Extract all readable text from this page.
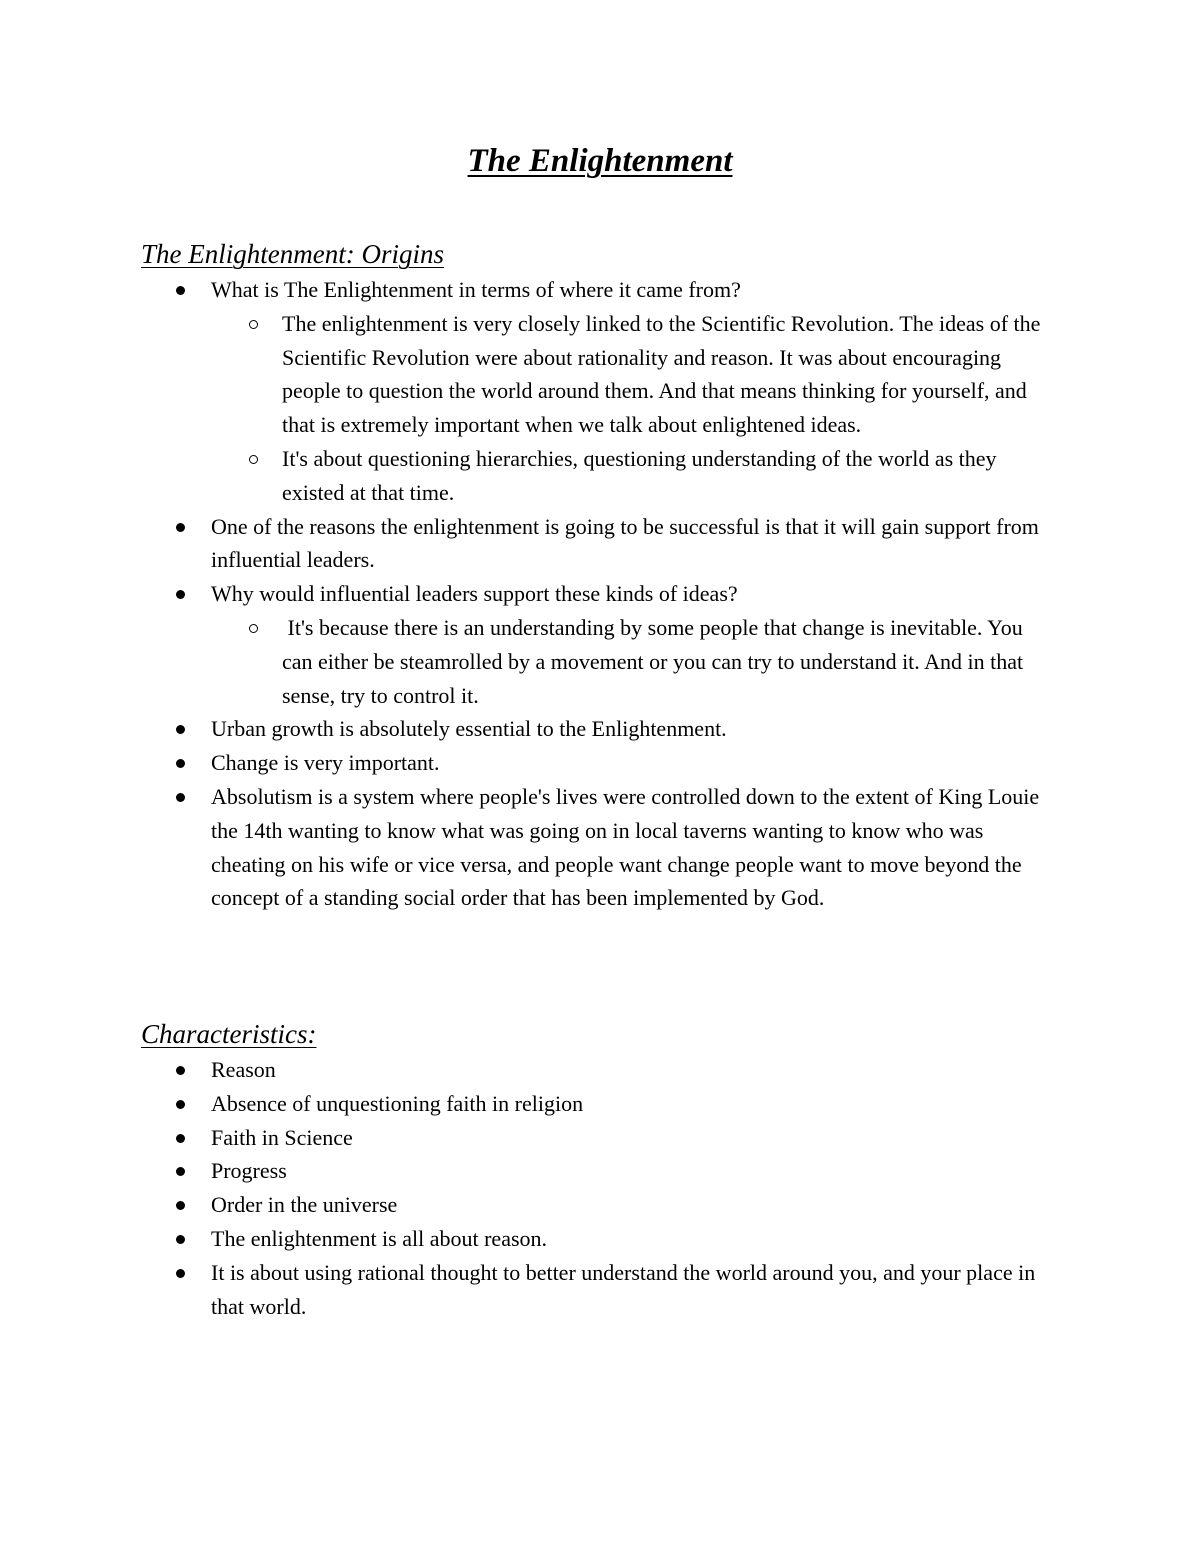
The Enlightenment
The Enlightenment: Origins
What is The Enlightenment in terms of where it came from?
The enlightenment is very closely linked to the Scientific Revolution. The ideas of the Scientific Revolution were about rationality and reason. It was about encouraging people to question the world around them. And that means thinking for yourself, and that is extremely important when we talk about enlightened ideas.
It's about questioning hierarchies, questioning understanding of the world as they existed at that time.
One of the reasons the enlightenment is going to be successful is that it will gain support from influential leaders.
Why would influential leaders support these kinds of ideas?
It's because there is an understanding by some people that change is inevitable. You can either be steamrolled by a movement or you can try to understand it. And in that sense, try to control it.
Urban growth is absolutely essential to the Enlightenment.
Change is very important.
Absolutism is a system where people's lives were controlled down to the extent of King Louie the 14th wanting to know what was going on in local taverns wanting to know who was cheating on his wife or vice versa, and people want change people want to move beyond the concept of a standing social order that has been implemented by God.
Characteristics:
Reason
Absence of unquestioning faith in religion
Faith in Science
Progress
Order in the universe
The enlightenment is all about reason.
It is about using rational thought to better understand the world around you, and your place in that world.
